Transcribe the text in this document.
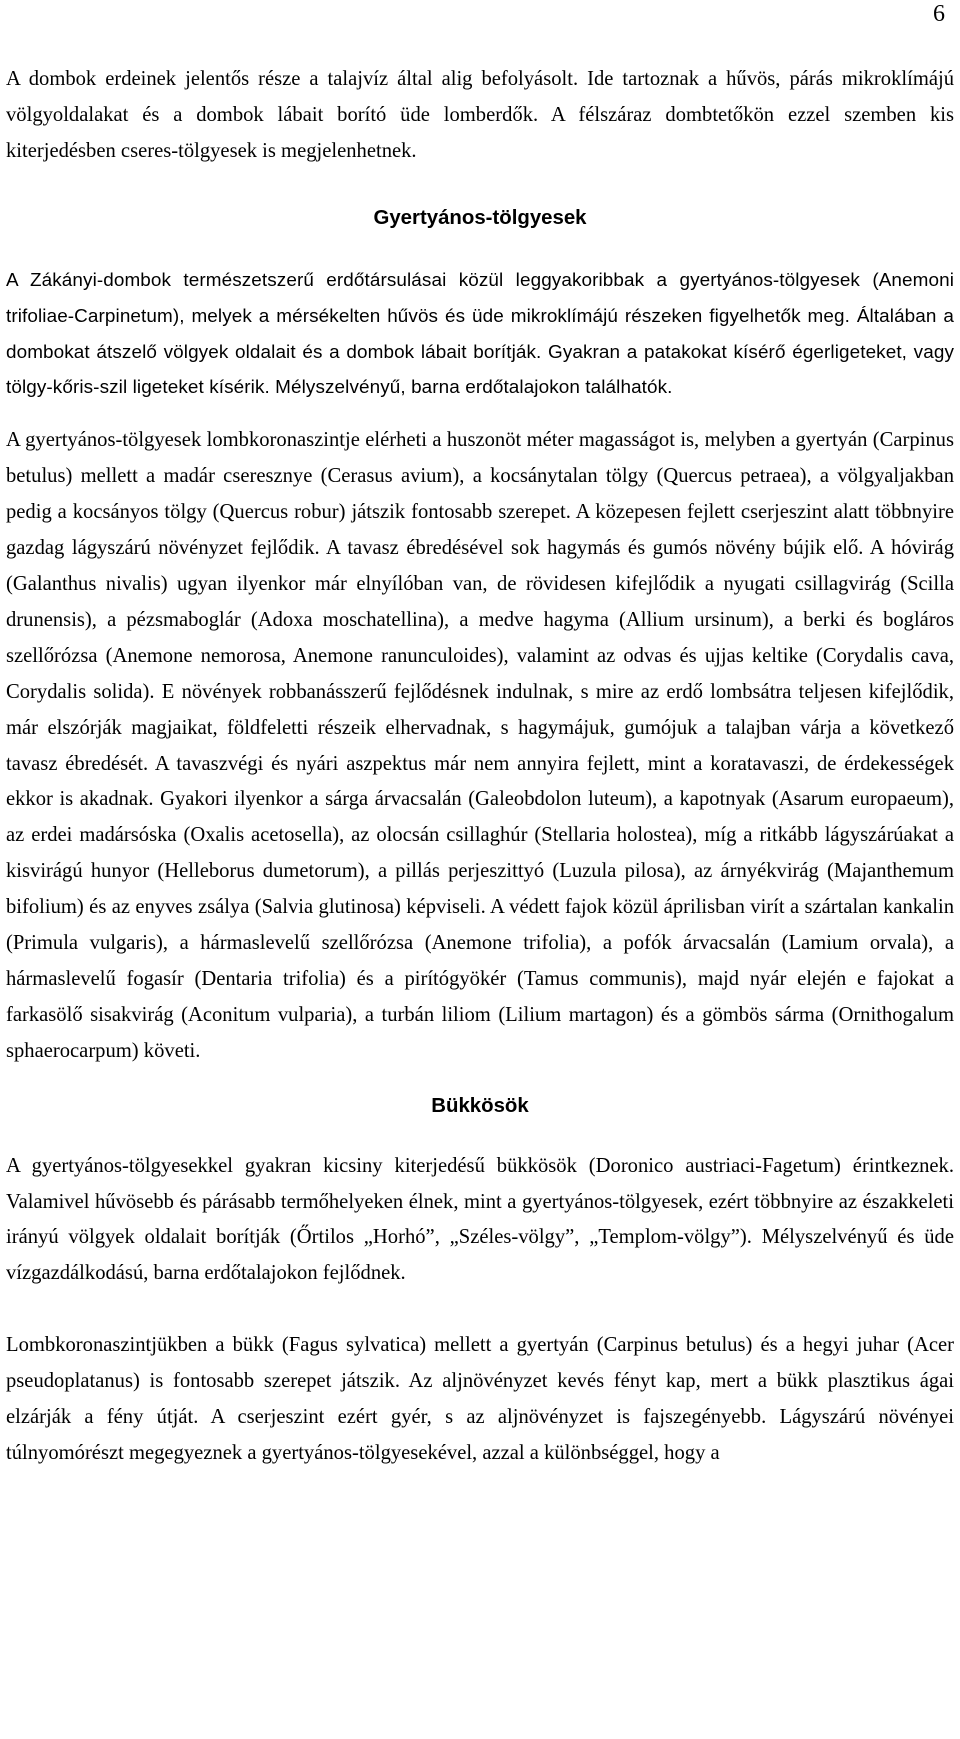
6

A dombok erdeinek jelentős része a talajvíz által alig befolyásolt. Ide tartoznak a hűvös, párás mikroklímájú völgyoldalakat és a dombok lábait borító üde lomberdők. A félszáraz dombtetőkön ezzel szemben kis kiterjedésben cseres-tölgyesek is megjelenhetnek.

Gyertyános-tölgyesek

A Zákányi-dombok természetszerű erdőtársulásai közül leggyakoribbak a gyertyános-tölgyesek (Anemoni trifoliae-Carpinetum), melyek a mérsékelten hűvös és üde mikroklímájú részeken figyelhetők meg. Általában a dombokat átszelő völgyek oldalait és a dombok lábait borítják. Gyakran a patakokat kísérő égerligeteket, vagy tölgy-kőris-szil ligeteket kísérik. Mélyszelvényű, barna erdőtalajokon találhatók.

A gyertyános-tölgyesek lombkoronaszintje elérheti a huszonöt méter magasságot is, melyben a gyertyán (Carpinus betulus) mellett a madár cseresznye (Cerasus avium), a kocsánytalan tölgy (Quercus petraea), a völgyaljakban pedig a kocsányos tölgy (Quercus robur) játszik fontosabb szerepet. A közepesen fejlett cserjeszint alatt többnyire gazdag lágyszárú növényzet fejlődik. A tavasz ébredésével sok hagymás és gumós növény bújik elő. A hóvirág (Galanthus nivalis) ugyan ilyenkor már elnyílóban van, de rövidesen kifejlődik a nyugati csillagvirág (Scilla drunensis), a pézsmaboglár (Adoxa moschatellina), a medve hagyma (Allium ursinum), a berki és bogláros szellőrózsa (Anemone nemorosa, Anemone ranunculoides), valamint az odvas és ujjas keltike (Corydalis cava, Corydalis solida). E növények robbanásszerű fejlődésnek indulnak, s mire az erdő lombsátra teljesen kifejlődik, már elszórják magjaikat, földfeletti részeik elhervadnak, s hagymájuk, gumójuk a talajban várja a következő tavasz ébredését. A tavaszvégi és nyári aszpektus már nem annyira fejlett, mint a koratavaszi, de érdekességek ekkor is akadnak. Gyakori ilyenkor a sárga árvacsalán (Galeobdolon luteum), a kapotnyak (Asarum europaeum), az erdei madársóska (Oxalis acetosella), az olocsán csillaghúr (Stellaria holostea), míg a ritkább lágyszárúakat a kisvirágú hunyor (Helleborus dumetorum), a pillás perjeszittyó (Luzula pilosa), az árnyékvirág (Majanthemum bifolium) és az enyves zsálya (Salvia glutinosa) képviseli. A védett fajok közül áprilisban virít a szártalan kankalin (Primula vulgaris), a hármaslevelű szellőrózsa (Anemone trifolia), a pofók árvacsalán (Lamium orvala), a hármaslevelű fogasír (Dentaria trifolia) és a pirítógyökér (Tamus communis), majd nyár elején e fajokat a farkasölő sisakvirág (Aconitum vulparia), a turbán liliom (Lilium martagon) és a gömbös sárma (Ornithogalum sphaerocarpum) követi.

Bükkösök

A gyertyános-tölgyesekkel gyakran kicsiny kiterjedésű bükkösök (Doronico austriaci-Fagetum) érintkeznek. Valamivel hűvösebb és párásabb termőhelyeken élnek, mint a gyertyános-tölgyesek, ezért többnyire az északkeleti irányú völgyek oldalait borítják (Őrtilos „Horhó”, „Széles-völgy”, „Templom-völgy”). Mélyszelvényű és üde vízgazdálkodású, barna erdőtalajokon fejlődnek.

Lombkoronaszintjükben a bükk (Fagus sylvatica) mellett a gyertyán (Carpinus betulus) és a hegyi juhar (Acer pseudoplatanus) is fontosabb szerepet játszik. Az aljnövényzet kevés fényt kap, mert a bükk plasztikus ágai elzárják a fény útját. A cserjeszint ezért gyér, s az aljnövényzet is fajszegényebb. Lágyszárú növényei túlnyomórészt megegyeznek a gyertyános-tölgyesekével, azzal a különbséggel, hogy a
